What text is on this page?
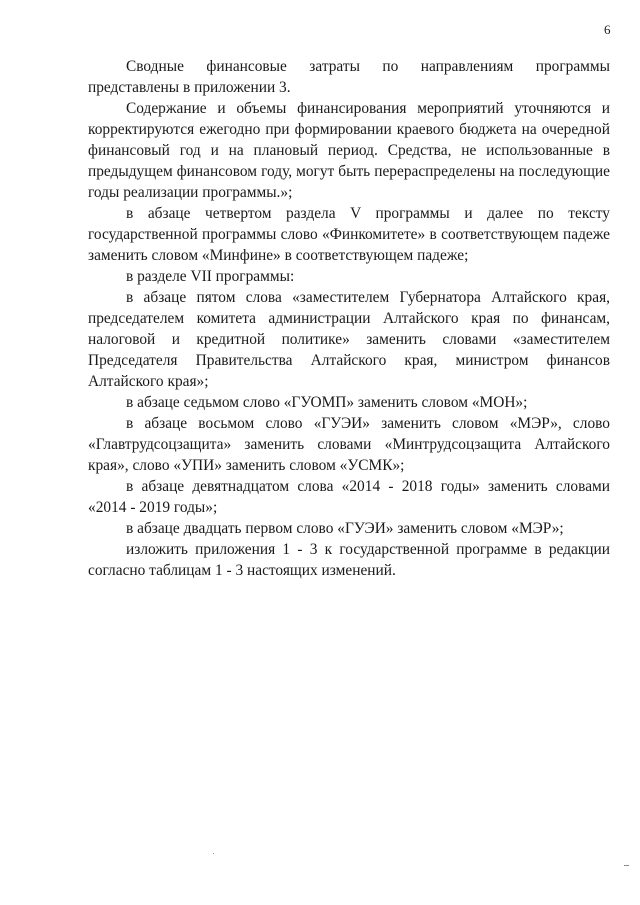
6

Сводные финансовые затраты по направлениям программы представлены в приложении 3.

Содержание и объемы финансирования мероприятий уточняются и корректируются ежегодно при формировании краевого бюджета на очередной финансовый год и на плановый период. Средства, не использованные в предыдущем финансовом году, могут быть перераспределены на последующие годы реализации программы.»;

в абзаце четвертом раздела V программы и далее по тексту государственной программы слово «Финкомитете» в соответствующем падеже заменить словом «Минфине» в соответствующем падеже;

в разделе VII программы:

в абзаце пятом слова «заместителем Губернатора Алтайского края, председателем комитета администрации Алтайского края по финансам, налоговой и кредитной политике» заменить словами «заместителем Председателя Правительства Алтайского края, министром финансов Алтайского края»;

в абзаце седьмом слово «ГУОМП» заменить словом «МОН»;

в абзаце восьмом слово «ГУЭИ» заменить словом «МЭР», слово «Главтрудсоцзащита» заменить словами «Минтрудсоцзащита Алтайского края», слово «УПИ» заменить словом «УСМК»;

в абзаце девятнадцатом слова «2014 - 2018 годы» заменить словами «2014 - 2019 годы»;

в абзаце двадцать первом слово «ГУЭИ» заменить словом «МЭР»;

изложить приложения 1 - 3 к государственной программе в редакции согласно таблицам 1 - 3 настоящих изменений.
